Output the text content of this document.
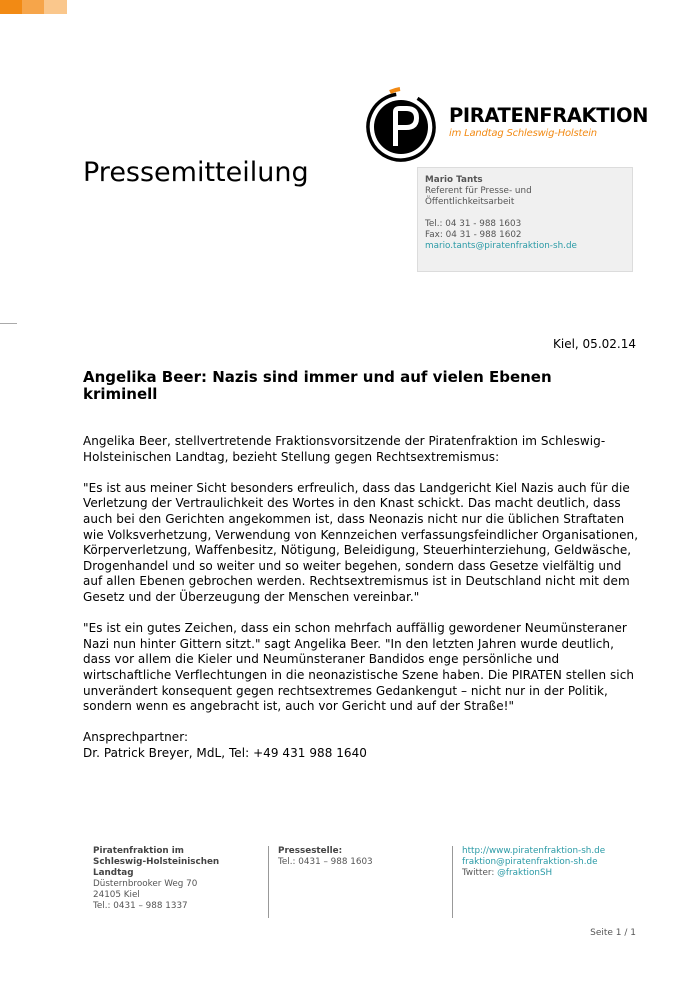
PIRATENFRAKTION
im Landtag Schleswig-Holstein
Pressemitteilung	Mario Tants
Referent für Presse- und
Öffentlichkeitsarbeit
Tel.: 04 31 - 988 1603
Fax: 04 31 - 988 1602
mario.tants@piratenfraktion-sh.de
Kiel, 05.02.14
Angelika Beer: Nazis sind immer und auf vielen Ebenen kriminell

Angelika Beer, stellvertretende Fraktionsvorsitzende der Piratenfraktion im Schleswig-Holsteinischen Landtag, bezieht Stellung gegen Rechtsextremismus:

"Es ist aus meiner Sicht besonders erfreulich, dass das Landgericht Kiel Nazis auch für die Verletzung der Vertraulichkeit des Wortes in den Knast schickt. Das macht deutlich, dass auch bei den Gerichten angekommen ist, dass Neonazis nicht nur die üblichen Straftaten wie Volksverhetzung, Verwendung von Kennzeichen verfassungsfeindlicher Organisationen, Körperverletzung, Waffenbesitz, Nötigung, Beleidigung, Steuerhinterziehung, Geldwäsche, Drogenhandel und so weiter und so weiter begehen, sondern dass Gesetze vielfältig und auf allen Ebenen gebrochen werden. Rechtsextremismus ist in Deutschland nicht mit dem Gesetz und der Überzeugung der Menschen vereinbar."

"Es ist ein gutes Zeichen, dass ein schon mehrfach auffällig gewordener Neumünsteraner Nazi nun hinter Gittern sitzt." sagt Angelika Beer. "In den letzten Jahren wurde deutlich, dass vor allem die Kieler und Neumünsteraner Bandidos enge persönliche und wirtschaftliche Verflechtungen in die neonazistische Szene haben. Die PIRATEN stellen sich unverändert konsequent gegen rechtsextremes Gedankengut – nicht nur in der Politik, sondern wenn es angebracht ist, auch vor Gericht und auf der Straße!"

Ansprechpartner:
Dr. Patrick Breyer, MdL, Tel: +49 431 988 1640
Piratenfraktion im
Schleswig-Holsteinischen
Landtag
Düsternbrooker Weg 70
24105 Kiel
Tel.: 0431 – 988 1337
Pressestelle:
Tel.: 0431 – 988 1603
http://www.piratenfraktion-sh.de
fraktion@piratenfraktion-sh.de
Twitter: @fraktionSH
Seite 1 / 1
